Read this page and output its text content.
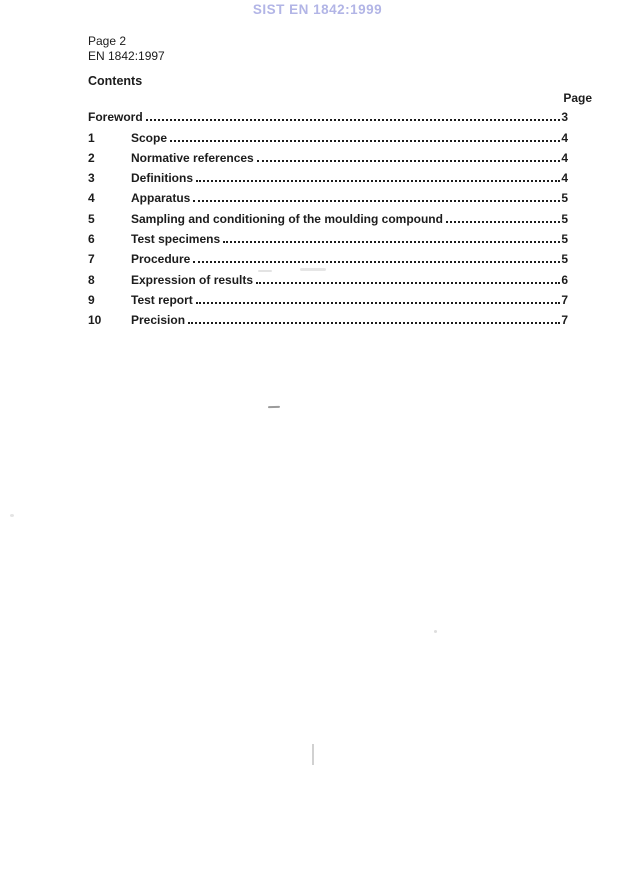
SIST EN 1842:1999
Page 2
EN 1842:1997
Contents
Page
Foreword	3
1	Scope	4
2	Normative references	4
3	Definitions	4
4	Apparatus	5
5	Sampling and conditioning of the moulding compound	5
6	Test specimens	5
7	Procedure	5
8	Expression of results	6
9	Test report	7
10	Precision	7
